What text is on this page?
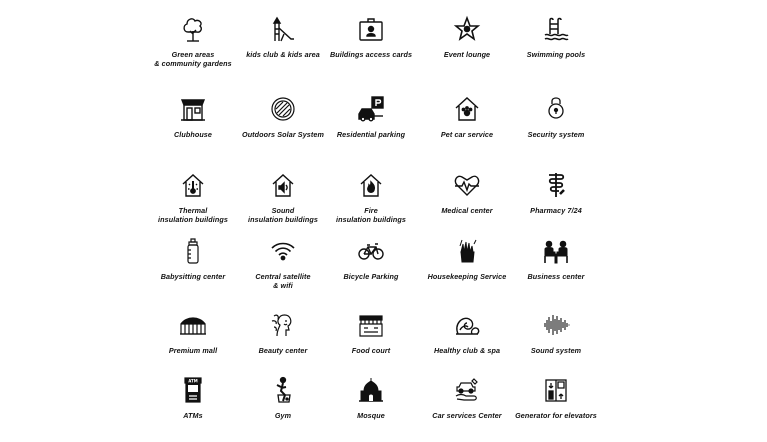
Green areas
& community gardens
kids club & kids area	Buildings access cards	Event lounge	Swimming pools
Clubhouse	Outdoors Solar System	Residential parking	Pet car service	Security system
Thermal
insulation buildings
Sound
insulation buildings
Fire
insulation buildings
Medical center	Pharmacy 7/24
Babysitting center	Central satellite
& wifi
Bicycle Parking	Housekeeping Service	Business center
Premium mall	Beauty center	Food court	Healthy club & spa	Sound system
ATM
ATMs	Gym	Mosque	Car services Center	Generator for elevators
